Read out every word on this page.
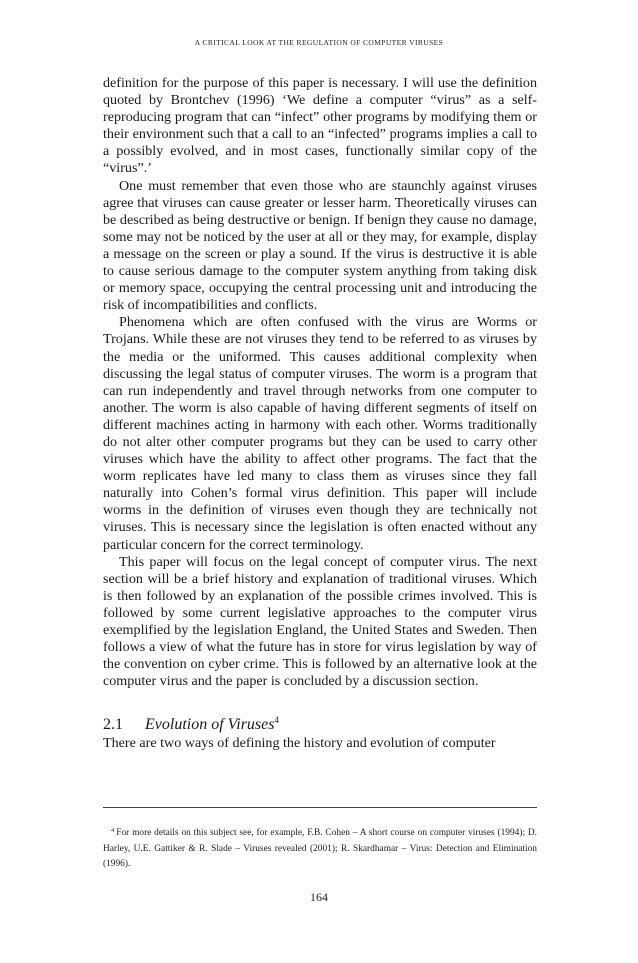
A CRITICAL LOOK AT THE REGULATION OF COMPUTER VIRUSES

definition for the purpose of this paper is necessary. I will use the definition quoted by Brontchev (1996) ‘We define a computer “virus” as a self-reproducing program that can “infect” other programs by modifying them or their environment such that a call to an “infected” programs implies a call to a possibly evolved, and in most cases, functionally similar copy of the “virus”.’

One must remember that even those who are staunchly against viruses agree that viruses can cause greater or lesser harm. Theoretically viruses can be described as being destructive or benign. If benign they cause no damage, some may not be noticed by the user at all or they may, for example, display a message on the screen or play a sound. If the virus is destructive it is able to cause serious damage to the computer system anything from taking disk or memory space, occupying the central processing unit and introducing the risk of incompatibilities and conflicts.

Phenomena which are often confused with the virus are Worms or Trojans. While these are not viruses they tend to be referred to as viruses by the media or the uniformed. This causes additional complexity when discussing the legal status of computer viruses. The worm is a program that can run independently and travel through networks from one computer to another. The worm is also capable of having different segments of itself on different machines acting in harmony with each other. Worms traditionally do not alter other computer programs but they can be used to carry other viruses which have the ability to affect other programs. The fact that the worm replicates have led many to class them as viruses since they fall naturally into Cohen’s formal virus definition. This paper will include worms in the definition of viruses even though they are technically not viruses. This is necessary since the legislation is often enacted without any particular concern for the correct terminology.

This paper will focus on the legal concept of computer virus. The next section will be a brief history and explanation of traditional viruses. Which is then followed by an explanation of the possible crimes involved. This is followed by some current legislative approaches to the computer virus exemplified by the legislation England, the United States and Sweden. Then follows a view of what the future has in store for virus legislation by way of the convention on cyber crime. This is followed by an alternative look at the computer virus and the paper is concluded by a discussion section.

2.1 Evolution of Viruses$^4$

There are two ways of defining the history and evolution of computer

$^4$ For more details on this subject see, for example, F.B. Cohen – A short course on computer viruses (1994); D. Harley, U.E. Gattiker & R. Slade – Viruses revealed (2001); R. Skardhamar – Virus: Detection and Elimination (1996).
164
